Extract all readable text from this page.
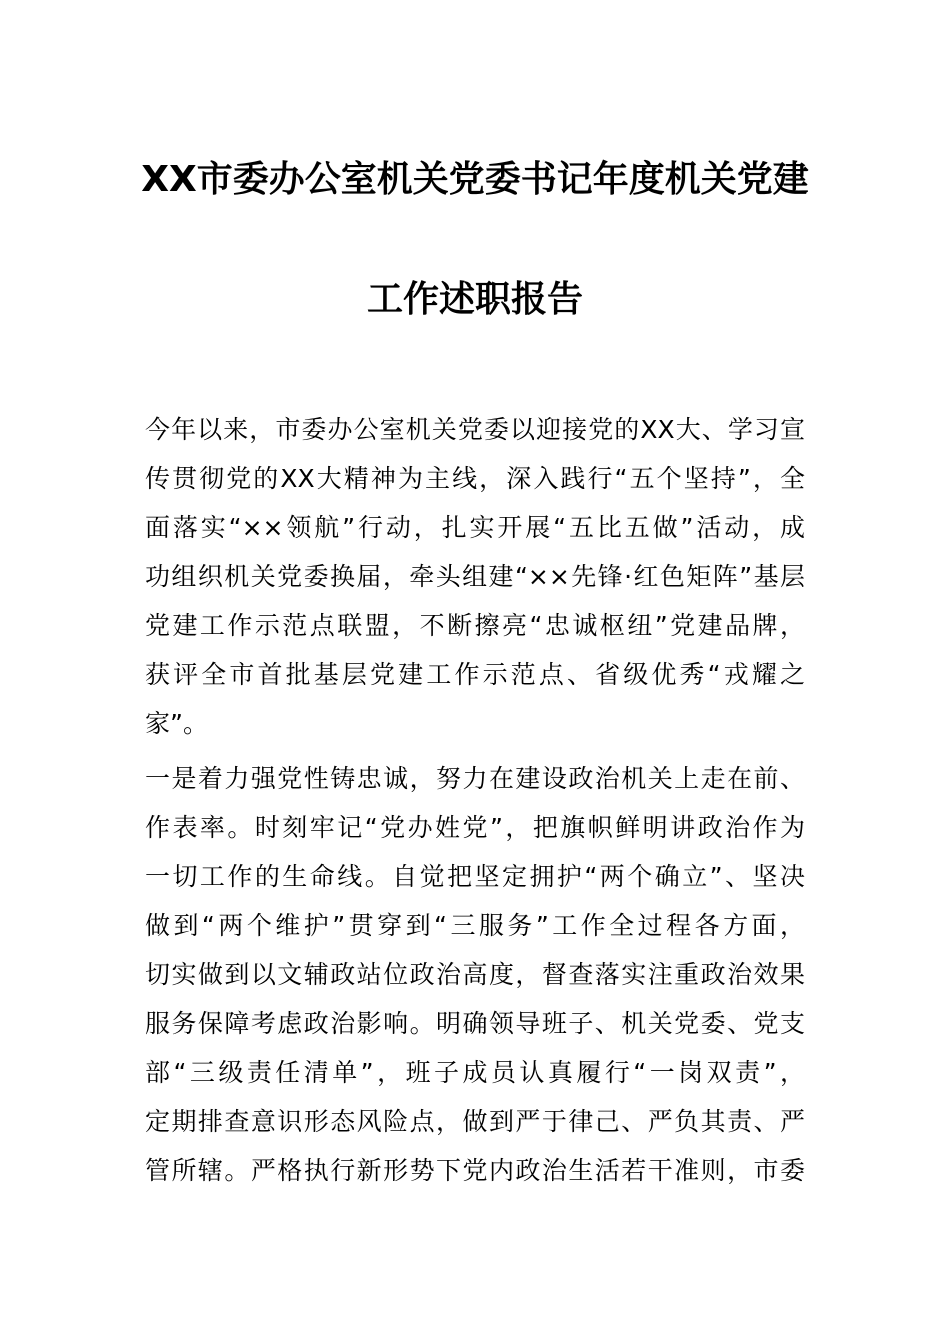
XX市委办公室机关党委书记年度机关党建
工作述职报告
今年以来，市委办公室机关党委以迎接党的XX大、学习宣
传贯彻党的XX大精神为主线，深入践行“五个坚持”，全
面落实“××领航”行动，扎实开展“五比五做”活动，成
功组织机关党委换届，牵头组建“××先锋·红色矩阵”基层
党建工作示范点联盟，不断擦亮“忠诚枢纽”党建品牌，
获评全市首批基层党建工作示范点、省级优秀“戎耀之
家”。
一是着力强党性铸忠诚，努力在建设政治机关上走在前、
作表率。时刻牢记“党办姓党”，把旗帜鲜明讲政治作为
一切工作的生命线。自觉把坚定拥护“两个确立”、坚决
做到“两个维护”贯穿到“三服务”工作全过程各方面，
切实做到以文辅政站位政治高度，督查落实注重政治效果
服务保障考虑政治影响。明确领导班子、机关党委、党支
部“三级责任清单”，班子成员认真履行“一岗双责”，
定期排查意识形态风险点，做到严于律己、严负其责、严
管所辖。严格执行新形势下党内政治生活若干准则，市委
